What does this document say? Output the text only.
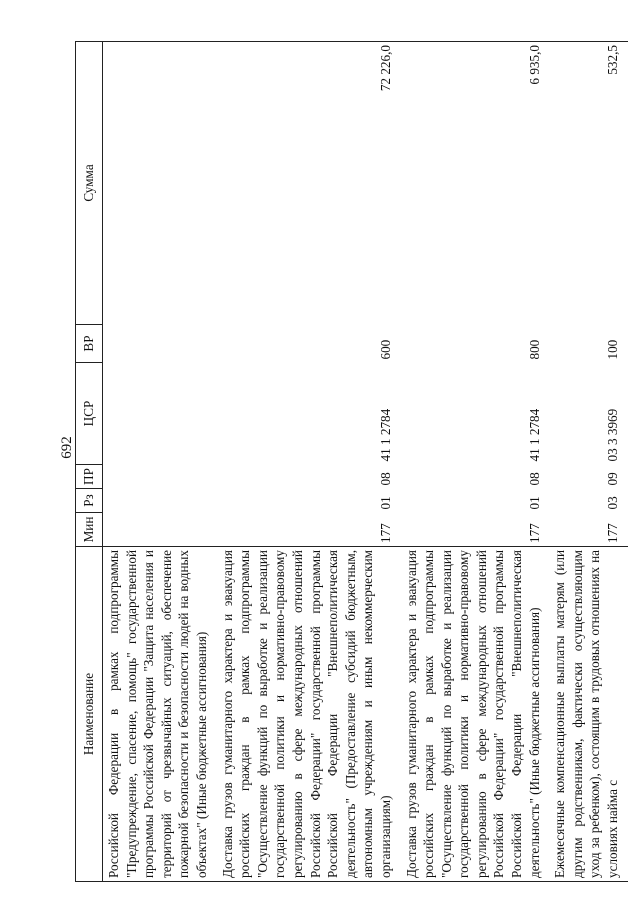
692
Наименование	Мин	Рз	ПР	ЦСР	ВР	Сумма
Российской Федерации в рамках подпрограммы "Предупреждение, спасение, помощь" государственной программы Российской Федерации "Защита населения и территорий от чрезвычайных ситуаций, обеспечение пожарной безопасности и безопасности людей на водных объектах" (Иные бюджетные ассигнования)						
Доставка грузов гуманитарного характера и эвакуация российских граждан в рамках подпрограммы "Осуществление функций по выработке и реализации государственной политики и нормативно-правовому регулированию в сфере международных отношений Российской Федерации" государственной программы Российской Федерации "Внешнеполитическая деятельность" (Предоставление субсидий бюджетным, автономным учреждениям и иным некоммерческим организациям)	177	01	08	41 1 2784	600	72 226,0
Доставка грузов гуманитарного характера и эвакуация российских граждан в рамках подпрограммы "Осуществление функций по выработке и реализации государственной политики и нормативно-правовому регулированию в сфере международных отношений Российской Федерации" государственной программы Российской Федерации "Внешнеполитическая деятельность" (Иные бюджетные ассигнования)	177	01	08	41 1 2784	800	6 935,0
Ежемесячные компенсационные выплаты матерям (или другим родственникам, фактически осуществляющим уход за ребенком), состоящим в трудовых отношениях на условиях найма с	177	03	09	03 3 3969	100	532,5
